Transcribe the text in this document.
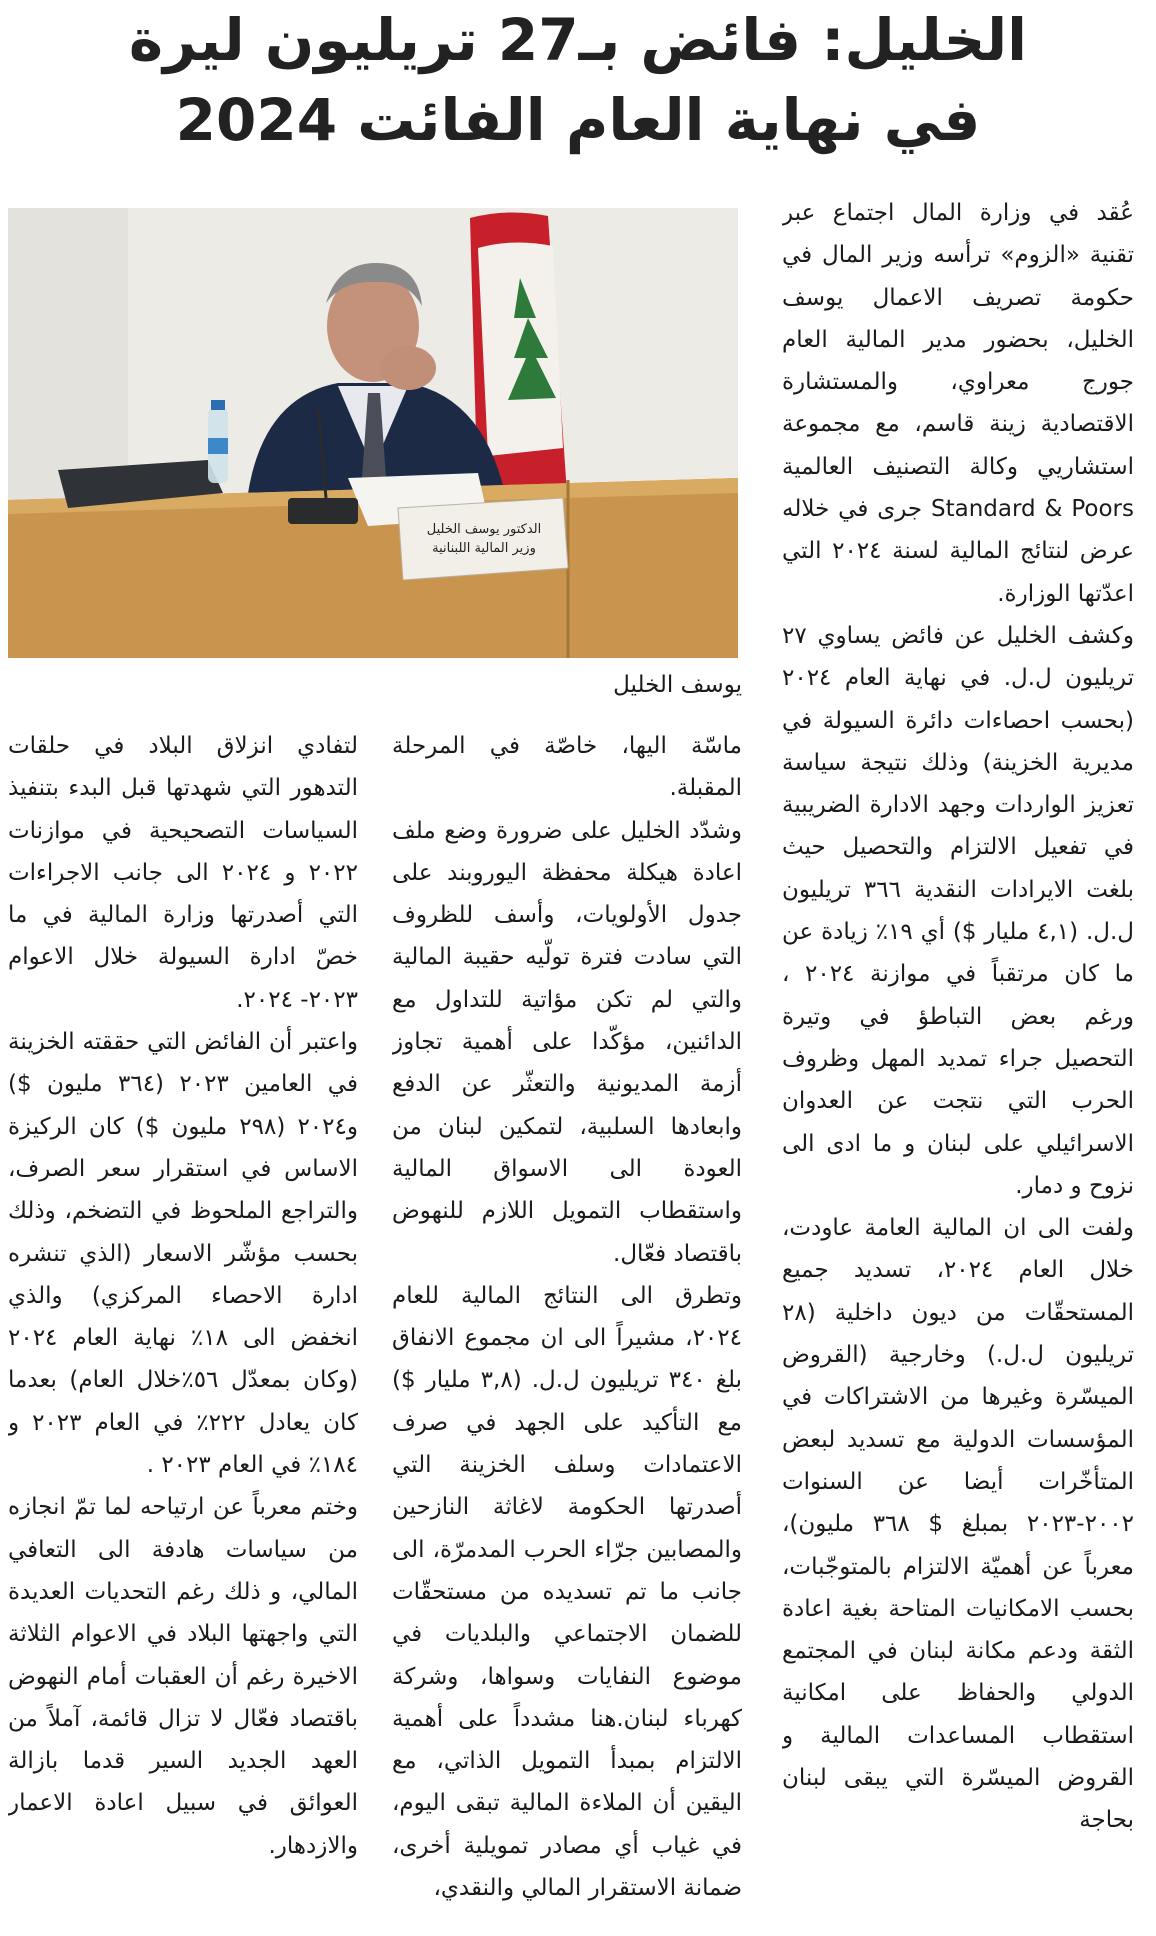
الخليل: فائض بـ27 تريليون ليرة
في نهاية العام الفائت 2024
الدكتور يوسف الخليل
وزير المالية اللبنانية
يوسف الخليل

عُقد في وزارة المال اجتماع عبر تقنية «الزوم» ترأسه وزير المال في حكومة تصريف الاعمال يوسف الخليل، بحضور مدير المالية العام جورج معراوي، والمستشارة الاقتصادية زينة قاسم، مع مجموعة استشاريي وكالة التصنيف العالمية Standard & Poors جرى في خلاله عرض لنتائج المالية لسنة ٢٠٢٤ التي اعدّتها الوزارة.

وكشف الخليل عن فائض يساوي ٢٧ تريليون ل.ل. في نهاية العام ٢٠٢٤ (بحسب احصاءات دائرة السيولة في مديرية الخزينة) وذلك نتيجة سياسة تعزيز الواردات وجهد الادارة الضريبية في تفعيل الالتزام والتحصيل حيث بلغت الايرادات النقدية ٣٦٦ تريليون ل.ل. (٤,١ مليار $) أي ١٩٪ زيادة عن ما كان مرتقباً في موازنة ٢٠٢٤ ، ورغم بعض التباطؤ في وتيرة التحصيل جراء تمديد المهل وظروف الحرب التي نتجت عن العدوان الاسرائيلي على لبنان و ما ادى الى نزوح و دمار.

ولفت الى ان المالية العامة عاودت، خلال العام ٢٠٢٤، تسديد جميع المستحقّات من ديون داخلية (٢٨ تريليون ل.ل.) وخارجية (القروض الميسّرة وغيرها من الاشتراكات في المؤسسات الدولية مع تسديد لبعض المتأخّرات أيضا عن السنوات ٢٠٠٢-٢٠٢٣ بمبلغ $ ٣٦٨ مليون)، معرباً عن أهميّة الالتزام بالمتوجّبات، بحسب الامكانيات المتاحة بغية اعادة الثقة ودعم مكانة لبنان في المجتمع الدولي والحفاظ على امكانية استقطاب المساعدات المالية و القروض الميسّرة التي يبقى لبنان بحاجة

ماسّة اليها، خاصّة في المرحلة المقبلة.

وشدّد الخليل على ضرورة وضع ملف اعادة هيكلة محفظة اليوروبند على جدول الأولويات، وأسف للظروف التي سادت فترة تولّيه حقيبة المالية والتي لم تكن مؤاتية للتداول مع الدائنين، مؤكّدا على أهمية تجاوز أزمة المديونية والتعثّر عن الدفع وابعادها السلبية، لتمكين لبنان من العودة الى الاسواق المالية واستقطاب التمويل اللازم للنهوض باقتصاد فعّال.

وتطرق الى النتائج المالية للعام ٢٠٢٤، مشيراً الى ان مجموع الانفاق بلغ ٣٤٠ تريليون ل.ل. (٣,٨ مليار $) مع التأكيد على الجهد في صرف الاعتمادات وسلف الخزينة التي أصدرتها الحكومة لاغاثة النازحين والمصابين جرّاء الحرب المدمرّة، الى جانب ما تم تسديده من مستحقّات للضمان الاجتماعي والبلديات في موضوع النفايات وسواها، وشركة كهرباء لبنان.هنا مشدداً على أهمية الالتزام بمبدأ التمويل الذاتي، مع اليقين أن الملاءة المالية تبقى اليوم، في غياب أي مصادر تمويلية أخرى، ضمانة الاستقرار المالي والنقدي،

لتفادي انزلاق البلاد في حلقات التدهور التي شهدتها قبل البدء بتنفيذ السياسات التصحيحية في موازنات ٢٠٢٢ و ٢٠٢٤ الى جانب الاجراءات التي أصدرتها وزارة المالية في ما خصّ ادارة السيولة خلال الاعوام ٢٠٢٣- ٢٠٢٤.

واعتبر أن الفائض التي حققته الخزينة في العامين ٢٠٢٣ (٣٦٤ مليون $) و٢٠٢٤ (٢٩٨ مليون $) كان الركيزة الاساس في استقرار سعر الصرف، والتراجع الملحوظ في التضخم، وذلك بحسب مؤشّر الاسعار (الذي تنشره ادارة الاحصاء المركزي) والذي انخفض الى ١٨٪ نهاية العام ٢٠٢٤ (وكان بمعدّل ٥٦٪خلال العام) بعدما كان يعادل ٢٢٢٪ في العام ٢٠٢٣ و ١٨٤٪ في العام ٢٠٢٣ .

وختم معرباً عن ارتياحه لما تمّ انجازه من سياسات هادفة الى التعافي المالي، و ذلك رغم التحديات العديدة التي واجهتها البلاد في الاعوام الثلاثة الاخيرة رغم أن العقبات أمام النهوض باقتصاد فعّال لا تزال قائمة، آملاً من العهد الجديد السير قدما بازالة العوائق في سبيل اعادة الاعمار والازدهار.
